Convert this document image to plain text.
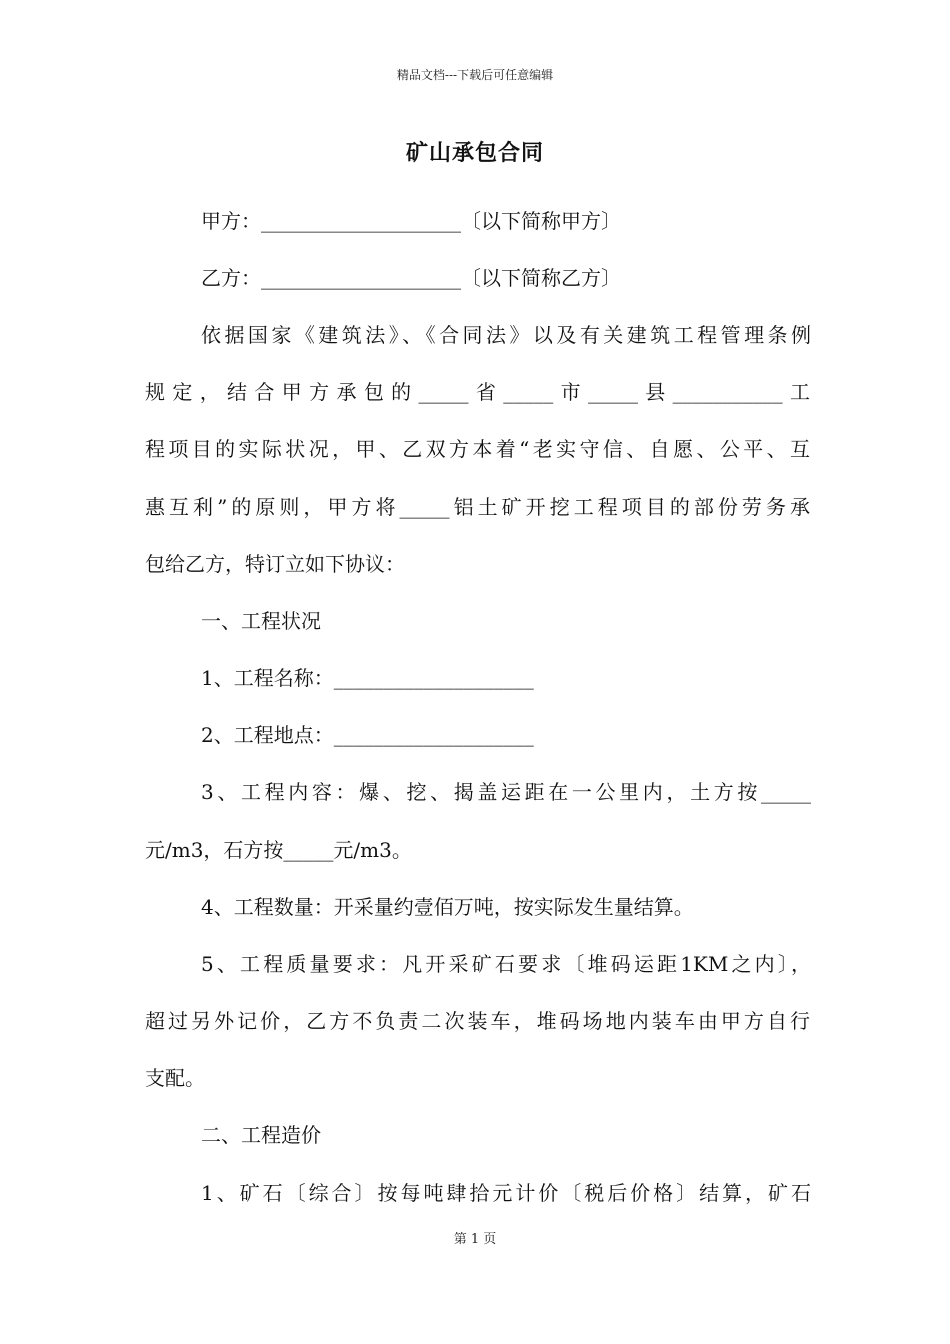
精品文档---下载后可任意编辑
矿山承包合同
甲方：____________________〔以下简称甲方〕
乙方：____________________〔以下简称乙方〕
依据国家《建筑法》、《合同法》以及有关建筑工程管理条例
规定，结合甲方承包的_____省_____市_____县___________工
程项目的实际状况，甲、乙双方本着“老实守信、自愿、公平、互
惠互利”的原则，甲方将_____铝土矿开挖工程项目的部份劳务承
包给乙方，特订立如下协议：
一、工程状况
1、工程名称：____________________
2、工程地点：____________________
3、工程内容：爆、挖、揭盖运距在一公里内，土方按_____
元/m3，石方按_____元/m3。
4、工程数量：开采量约壹佰万吨，按实际发生量结算。
5、工程质量要求：凡开采矿石要求〔堆码运距1KM之内〕，
超过另外记价，乙方不负责二次装车，堆码场地内装车由甲方自行
支配。
二、工程造价
1、矿石〔综合〕按每吨肆拾元计价〔税后价格〕结算，矿石
第 1 页
